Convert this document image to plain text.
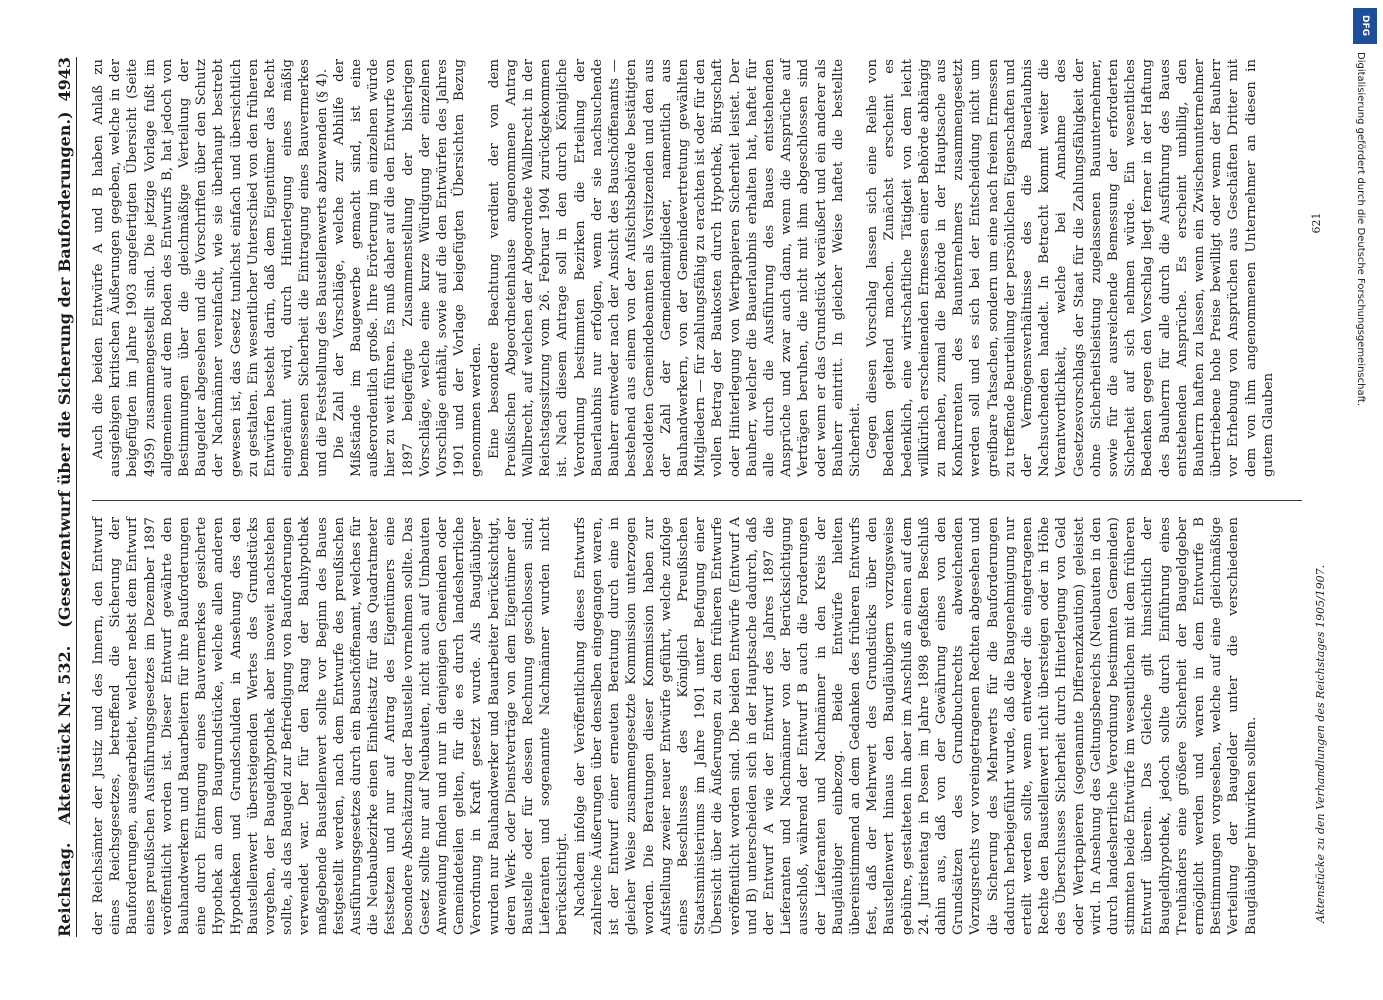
Reichstag.
Aktenstück Nr. 532.
(Gesetzentwurf über die Sicherung der Bauforderungen.)
4943

der Reichsämter der Justiz und des Innern, den Entwurf eines Reichsgesetzes, betreffend die Sicherung der Bauforderungen, ausgearbeitet, welcher nebst dem Entwurf eines preußischen Ausführungsgesetzes im Dezember 1897 veröffentlicht worden ist. Dieser Entwurf gewährte den Bauhandwerkern und Bauarbeitern für ihre Bauforderungen eine durch Eintragung eines Bauvermerkes gesicherte Hypothek an dem Baugrundstücke, welche allen anderen Hypotheken und Grundschulden in Ansehung des den Baustellenwert übersteigenden Wertes des Grundstücks vorgehen, der Baugeldhypothek aber insoweit nachstehen sollte, als das Baugeld zur Befriedigung von Bauforderungen verwendet war. Der für den Rang der Bauhypothek maßgebende Baustellenwert sollte vor Beginn des Baues festgestellt werden, nach dem Entwurfe des preußischen Ausführungsgesetzes durch ein Bauschöffenamt, welches für die Neubaubezirke einen Einheitsatz für das Quadratmeter festsetzen und nur auf Antrag des Eigentümers eine besondere Abschätzung der Baustelle vornehmen sollte. Das Gesetz sollte nur auf Neubauten, nicht auch auf Umbauten Anwendung finden und nur in denjenigen Gemeinden oder Gemeindeteilen gelten, für die es durch landesherrliche Verordnung in Kraft gesetzt wurde. Als Baugläubiger wurden nur Bauhandwerker und Bauarbeiter berücksichtigt, deren Werk- oder Dienstverträge von dem Eigentümer der Baustelle oder für dessen Rechnung geschlossen sind; Lieferanten und sogenannte Nachmänner wurden nicht berücksichtigt. Nachdem infolge der Veröffentlichung dieses Entwurfs zahlreiche Äußerungen über denselben eingegangen waren, ist der Entwurf einer erneuten Beratung durch eine in gleicher Weise zusammengesetzte Kommission unterzogen worden. Die Beratungen dieser Kommission haben zur Aufstellung zweier neuer Entwürfe geführt, welche zufolge eines Beschlusses des Königlich Preußischen Staatsministeriums im Jahre 1901 unter Befugung einer Übersicht über die Äußerungen zu dem früheren Entwurfe veröffentlicht worden sind. Die beiden Entwürfe (Entwurf A und B) unterscheiden sich in der Hauptsache dadurch, daß der Entwurf A wie der Entwurf des Jahres 1897 die Lieferanten und Nachmänner von der Berücksichtigung ausschloß, während der Entwurf B auch die Forderungen der Lieferanten und Nachmänner in den Kreis der Baugläubiger einbezog. Beide Entwürfe hielten übereinstimmend an dem Gedanken des früheren Entwurfs fest, daß der Mehrwert des Grundstücks über den Baustellenwert hinaus den Baugläubigern vorzugsweise gebühre, gestalteten ihn aber im Anschluß an einen auf dem 24. Juristentag in Posen im Jahre 1898 gefaßten Beschluß dahin aus, daß von der Gewährung eines von den Grundsätzen des Grundbuchrechts abweichenden Vorzugsrechts vor voreingetragenen Rechten abgesehen und die Sicherung des Mehrwerts für die Bauforderungen dadurch herbeigeführt wurde, daß die Baugenehmigung nur erteilt werden sollte, wenn entweder die eingetragenen Rechte den Baustellenwert nicht übersteigen oder in Höhe des Überschusses Sicherheit durch Hinterlegung von Geld oder Wertpapieren (sogenannte Differenzkaution) geleistet wird. In Ansehung des Geltungsbereichs (Neubauten in den durch landesherrliche Verordnung bestimmten Gemeinden) stimmten beide Entwürfe im wesentlichen mit dem früheren Entwurf überein. Das Gleiche gilt hinsichtlich der Baugeldhypothek, jedoch sollte durch Einführung eines Treuhänders eine größere Sicherheit der Baugeldgeber ermöglicht werden und waren in dem Entwurfe B Bestimmungen vorgesehen, welche auf eine gleichmäßige Verteilung der Baugelder unter die verschiedenen Baugläubiger hinwirken sollten.

Auch die beiden Entwürfe A und B haben Anlaß zu ausgiebigen kritischen Äußerungen gegeben, welche in der beigefügten im Jahre 1903 angefertigten Übersicht (Seite 4959) zusammengestellt sind. Die jetzige Vorlage fußt im allgemeinen auf dem Boden des Entwurfs B, hat jedoch von Bestimmungen über die gleichmäßige Verteilung der Baugelder abgesehen und die Vorschriften über den Schutz der Nachmänner vereinfacht, wie sie überhaupt bestrebt gewesen ist, das Gesetz tunlichst einfach und übersichtlich zu gestalten. Ein wesentlicher Unterschied von den früheren Entwürfen besteht darin, daß dem Eigentümer das Recht eingeräumt wird, durch Hinterlegung eines mäßig bemessenen Sicherheit die Eintragung eines Bauvermerkes und die Feststellung des Baustellenwerts abzuwenden (§ 4). Die Zahl der Vorschläge, welche zur Abhilfe der Mißstände im Baugewerbe gemacht sind, ist eine außerordentlich große. Ihre Erörterung im einzelnen würde hier zu weit führen. Es muß daher auf die den Entwurfe von 1897 beigefügte Zusammenstellung der bisherigen Vorschläge, welche eine kurze Würdigung der einzelnen Vorschläge enthält, sowie auf die den Entwürfen des Jahres 1901 und der Vorlage beigefügten Übersichten Bezug genommen werden. Eine besondere Beachtung verdient der von dem Preußischen Abgeordnetenhause angenommene Antrag Wallbrecht, auf welchen der Abgeordnete Wallbrecht in der Reichstagssitzung vom 26. Februar 1904 zurückgekommen ist. Nach diesem Antrage soll in den durch Königliche Verordnung bestimmten Bezirken die Erteilung der Bauerlaubnis nur erfolgen, wenn der sie nachsuchende Bauherr entweder nach der Ansicht des Bauschöffenamts — bestehend aus einem von der Aufsichtsbehörde bestätigten besoldeten Gemeindebeamten als Vorsitzenden und den aus der Zahl der Gemeindemitglieder, namentlich aus Bauhandwerkern, von der Gemeindevertretung gewählten Mitgliedern — für zahlungsfähig zu erachten ist oder für den vollen Betrag der Baukosten durch Hypothek, Bürgschaft oder Hinterlegung von Wertpapieren Sicherheit leistet. Der Bauherr, welcher die Bauerlaubnis erhalten hat, haftet für alle durch die Ausführung des Baues entstehenden Ansprüche und zwar auch dann, wenn die Ansprüche auf Verträgen beruhen, die nicht mit ihm abgeschlossen sind oder wenn er das Grundstück veräußert und ein anderer als Bauherr eintritt. In gleicher Weise haftet die bestellte Sicherheit. Gegen diesen Vorschlag lassen sich eine Reihe von Bedenken geltend machen. Zunächst erscheint es bedenklich, eine wirtschaftliche Tätigkeit von dem leicht willkürlich erscheinenden Ermessen einer Behörde abhängig zu machen, zumal die Behörde in der Hauptsache aus Konkurrenten des Baunternehmers zusammengesetzt werden soll und es sich bei der Entscheidung nicht um greifbare Tatsachen, sondern um eine nach freiem Ermessen zu treffende Beurteilung der persönlichen Eigenschaften und der Vermögensverhältnisse des die Bauerlaubnis Nachsuchenden handelt. In Betracht kommt weiter die Verantwortlichkeit, welche bei Annahme des Gesetzesvorschlags der Staat für die Zahlungsfähigkeit der ohne Sicherheitsleistung zugelassenen Bauunternehmer, sowie für die ausreichende Bemessung der erforderten Sicherheit auf sich nehmen würde. Ein wesentliches Bedenken gegen den Vorschlag liegt ferner in der Haftung des Bauherrn für alle durch die Ausführung des Baues entstehenden Ansprüche. Es erscheint unbillig, den Bauherrn haften zu lassen, wenn ein Zwischenunternehmer übertriebene hohe Preise bewilligt oder wenn der Bauherr vor Erhebung von Ansprüchen aus Geschäften Dritter mit dem von ihm angenommenen Unternehmer an diesen in gutem Glauben

Aktenstücke zu den Verhandlungen des Reichstages 1905/1907.
621
DFG
Digitalisierung gefördert durch die Deutsche Forschungsgemeinschaft.
